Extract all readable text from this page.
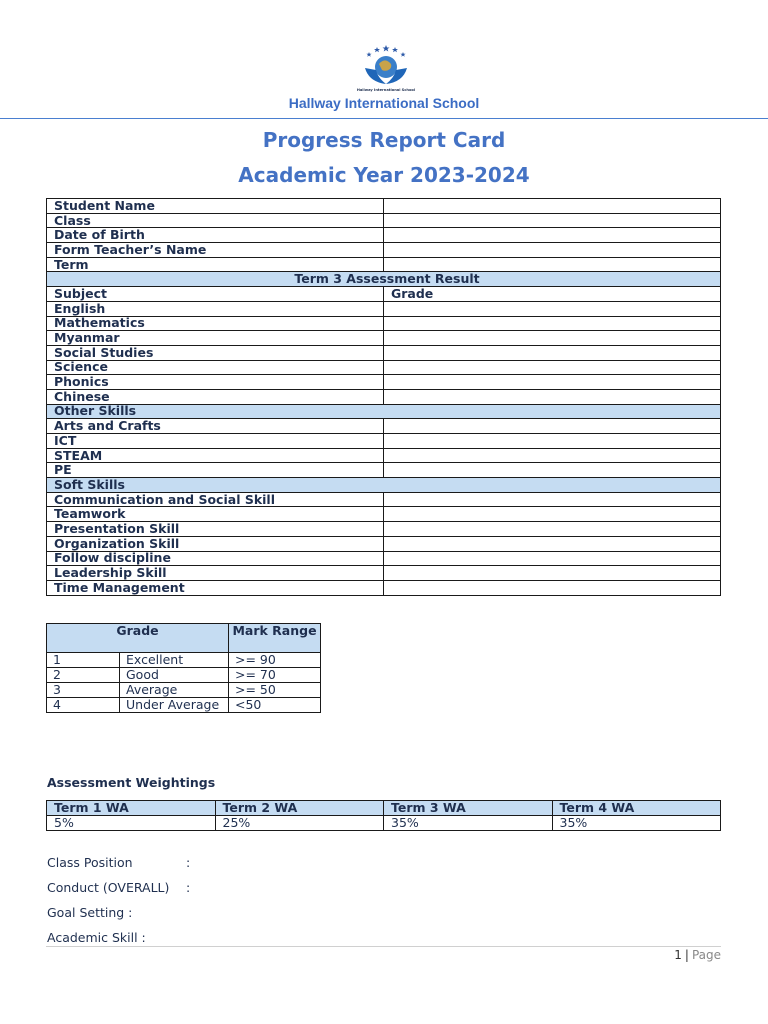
Hallway International School
Hallway International School
Progress Report Card
Academic Year 2023-2024
Student Name	
Class	
Date of Birth	
Form Teacher’s Name	
Term	
Term 3 Assessment Result	
Subject	Grade
English	
Mathematics	
Myanmar	
Social Studies	
Science	
Phonics	
Chinese	
Other Skills	
Arts and Crafts	
ICT	
STEAM	
PE	
Soft Skills	
Communication and Social Skill	
Teamwork	
Presentation Skill	
Organization Skill	
Follow discipline	
Leadership Skill	
Time Management	
Grade		Mark Range
1	Excellent	>= 90
2	Good	>= 70
3	Average	>= 50
4	Under Average	<50
Assessment Weightings
Term 1 WA	Term 2 WA	Term 3 WA	Term 4 WA
5%	25%	35%	35%
Class Position	:
Conduct (OVERALL) :
Goal Setting :
Academic Skill :
1 | Page
